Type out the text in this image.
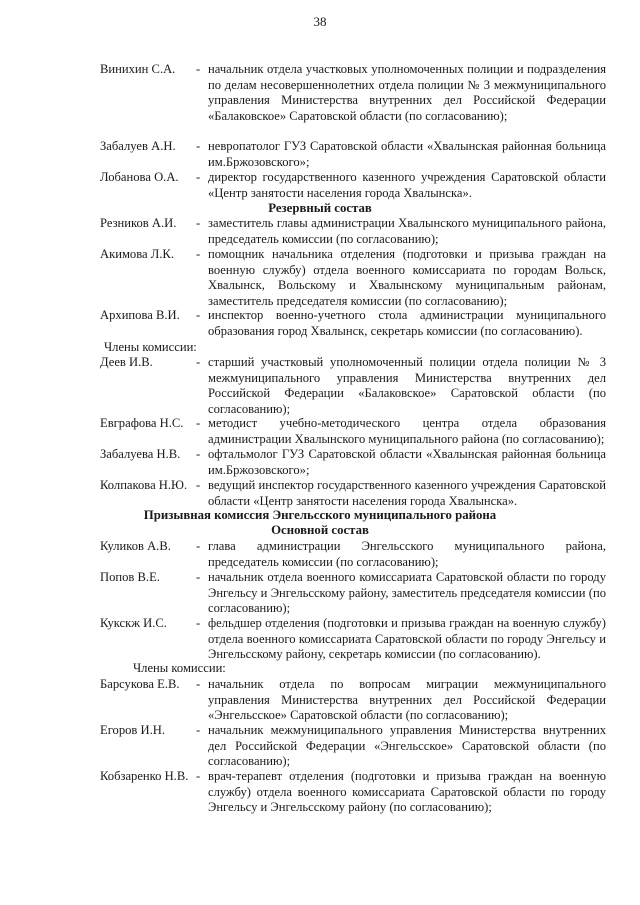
38
Винихин С.А. - начальник отдела участковых уполномоченных полиции и подразделения по делам несовершеннолетних отдела полиции № 3 межмуниципального управления Министерства внутренних дел Российской Федерации «Балаковское» Саратовской области (по согласованию);
Забалуев А.Н. - невропатолог ГУЗ Саратовской области «Хвалынская районная больница им.Бржозовского»;
Лобанова О.А. - директор государственного казенного учреждения Саратовской области «Центр занятости населения города Хвалынска».
Резервный состав
Резников А.И. - заместитель главы администрации Хвалынского муниципального района, председатель комиссии (по согласованию);
Акимова Л.К. - помощник начальника отделения (подготовки и призыва граждан на военную службу) отдела военного комиссариата по городам Вольск, Хвалынск, Вольскому и Хвалынскому муниципальным районам, заместитель председателя комиссии (по согласованию);
Архипова В.И. - инспектор военно-учетного стола администрации муниципального образования город Хвалынск, секретарь комиссии (по согласованию).
Члены комиссии:
Деев И.В.	- старший участковый уполномоченный полиции отдела полиции № 3 межмуниципального управления Министерства внутренних дел Российской Федерации «Балаковское» Саратовской области (по согласованию);
Евграфова Н.С. - методист учебно-методического центра отдела образования администрации Хвалынского муниципального района (по согласованию);
Забалуева Н.В. - офтальмолог ГУЗ Саратовской области «Хвалынская районная больница им.Бржозовского»;
Колпакова Н.Ю. - ведущий инспектор государственного казенного учреждения Саратовской области «Центр занятости населения города Хвалынска».
Призывная комиссия Энгельсского муниципального района
Основной состав
Куликов А.В. - глава администрации Энгельсского муниципального района, председатель комиссии (по согласованию);
Попов В.Е.	- начальник отдела военного комиссариата Саратовской области по городу Энгельсу и Энгельсскому району, заместитель председателя комиссии (по согласованию);
Кукскж И.С. - фельдшер отделения (подготовки и призыва граждан на военную службу) отдела военного комиссариата Саратовской области по городу Энгельсу и Энгельсскому району, секретарь комиссии (по согласованию).
Члены комиссии:
Барсукова Е.В. - начальник отдела по вопросам миграции межмуниципального управления Министерства внутренних дел Российской Федерации «Энгельсское» Саратовской области (по согласованию);
Егоров И.Н. - начальник межмуниципального управления Министерства внутренних дел Российской Федерации «Энгельсское» Саратовской области (по согласованию);
Кобзаренко Н.В. - врач-терапевт отделения (подготовки и призыва граждан на военную службу) отдела военного комиссариата Саратовской области по городу Энгельсу и Энгельсскому району (по согласованию);
